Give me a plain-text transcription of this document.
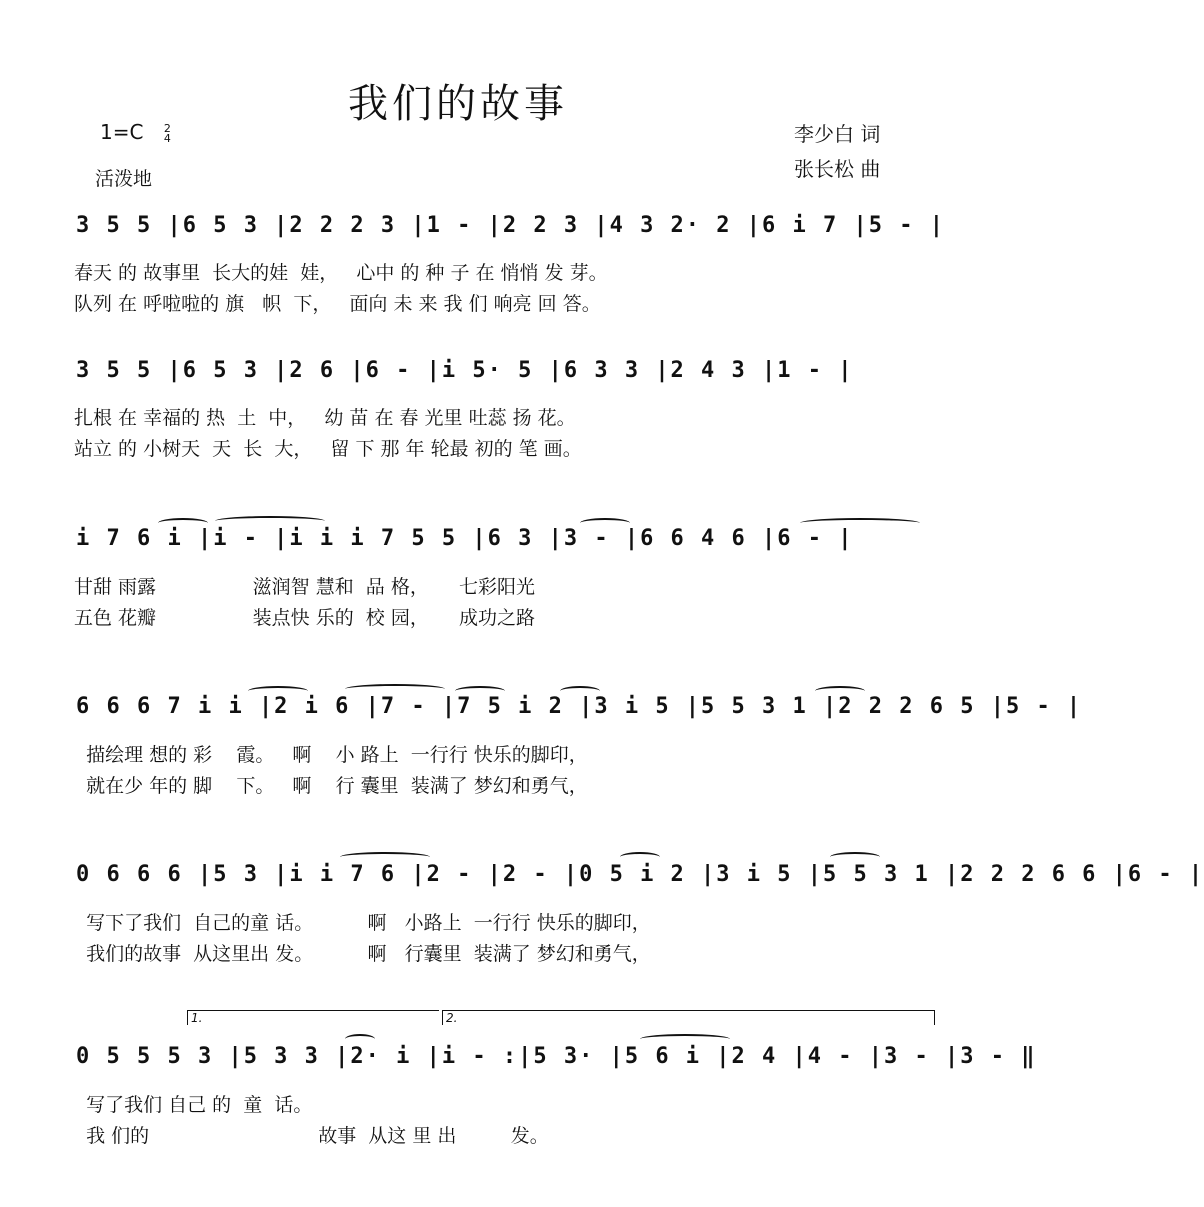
我们的故事
1=C 2
4
活泼地
李少白 词
张长松 曲
3 5 5 |6 5 3 |2 2 2 3 |1 - |2 2 3 |4 3 2· 2 |6 i 7 |5 - |
春天 的 故事里  长大的娃  娃，   心中 的 种 子 在 悄悄 发 芽。
队列 在 呼啦啦的 旗   帜  下，   面向 未 来 我 们 响亮 回 答。
3 5 5 |6 5 3 |2 6 |6 - |i 5· 5 |6 3 3 |2 4 3 |1 - |
扎根 在 幸福的 热  土  中，   幼 苗 在 春 光里 吐蕊 扬 花。
站立 的 小树天  天  长  大，   留 下 那 年 轮最 初的 笔 画。
i 7 6 i |i - |i i i 7 5 5 |6 3 |3 - |6 6 4 6 |6 - |
甘甜 雨露                滋润智 慧和  品 格，     七彩阳光
五色 花瓣                装点快 乐的  校 园，     成功之路
6 6 6 7 i i |2 i 6 |7 - |7 5 i 2 |3 i 5 |5 5 3 1 |2 2 2 6 5 |5 - |
描绘理 想的 彩    霞。   啊    小 路上  一行行 快乐的脚印，
就在少 年的 脚    下。   啊    行 囊里  装满了 梦幻和勇气，
0 6 6 6 |5 3 |i i 7 6 |2 - |2 - |0 5 i 2 |3 i 5 |5 5 3 1 |2 2 2 6 6 |6 - |
写下了我们  自己的童 话。         啊   小路上  一行行 快乐的脚印，
我们的故事  从这里出 发。         啊   行囊里  装满了 梦幻和勇气，
1.	2.
0 5 5 5 3 |5 3 3 |2· i |i - :|5 3· |5 6 i |2 4 |4 - |3 - |3 - ‖
写了我们 自己 的  童  话。
我 们的                            故事  从这 里 出         发。
